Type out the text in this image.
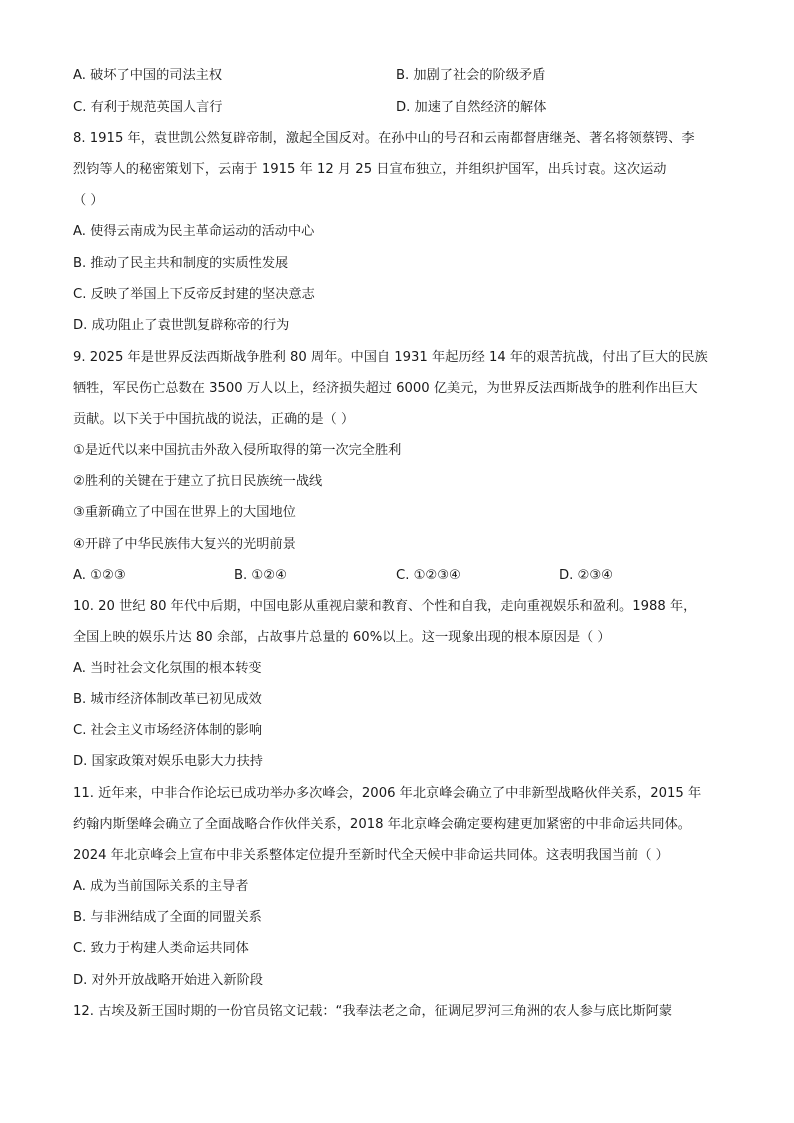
A. 破坏了中国的司法主权	B. 加剧了社会的阶级矛盾
C. 有利于规范英国人言行	D. 加速了自然经济的解体
8. 1915 年，袁世凯公然复辟帝制，激起全国反对。在孙中山的号召和云南都督唐继尧、著名将领蔡锷、李
烈钧等人的秘密策划下，云南于 1915 年 12 月 25 日宣布独立，并组织护国军，出兵讨袁。这次运动
（ ）
A. 使得云南成为民主革命运动的活动中心
B. 推动了民主共和制度的实质性发展
C. 反映了举国上下反帝反封建的坚决意志
D. 成功阻止了袁世凯复辟称帝的行为
9. 2025 年是世界反法西斯战争胜利 80 周年。中国自 1931 年起历经 14 年的艰苦抗战，付出了巨大的民族
牺牲，军民伤亡总数在 3500 万人以上，经济损失超过 6000 亿美元，为世界反法西斯战争的胜利作出巨大
贡献。以下关于中国抗战的说法，正确的是（ ）
①是近代以来中国抗击外敌入侵所取得的第一次完全胜利
②胜利的关键在于建立了抗日民族统一战线
③重新确立了中国在世界上的大国地位
④开辟了中华民族伟大复兴的光明前景
A. ①②③	B. ①②④	C. ①②③④	D. ②③④
10. 20 世纪 80 年代中后期，中国电影从重视启蒙和教育、个性和自我，走向重视娱乐和盈利。1988 年，
全国上映的娱乐片达 80 余部，占故事片总量的 60%以上。这一现象出现的根本原因是（ ）
A. 当时社会文化氛围的根本转变
B. 城市经济体制改革已初见成效
C. 社会主义市场经济体制的影响
D. 国家政策对娱乐电影大力扶持
11. 近年来，中非合作论坛已成功举办多次峰会，2006 年北京峰会确立了中非新型战略伙伴关系，2015 年
约翰内斯堡峰会确立了全面战略合作伙伴关系，2018 年北京峰会确定要构建更加紧密的中非命运共同体。
2024 年北京峰会上宣布中非关系整体定位提升至新时代全天候中非命运共同体。这表明我国当前（ ）
A. 成为当前国际关系的主导者
B. 与非洲结成了全面的同盟关系
C. 致力于构建人类命运共同体
D. 对外开放战略开始进入新阶段
12. 古埃及新王国时期的一份官员铭文记载：“我奉法老之命，征调尼罗河三角洲的农人参与底比斯阿蒙
